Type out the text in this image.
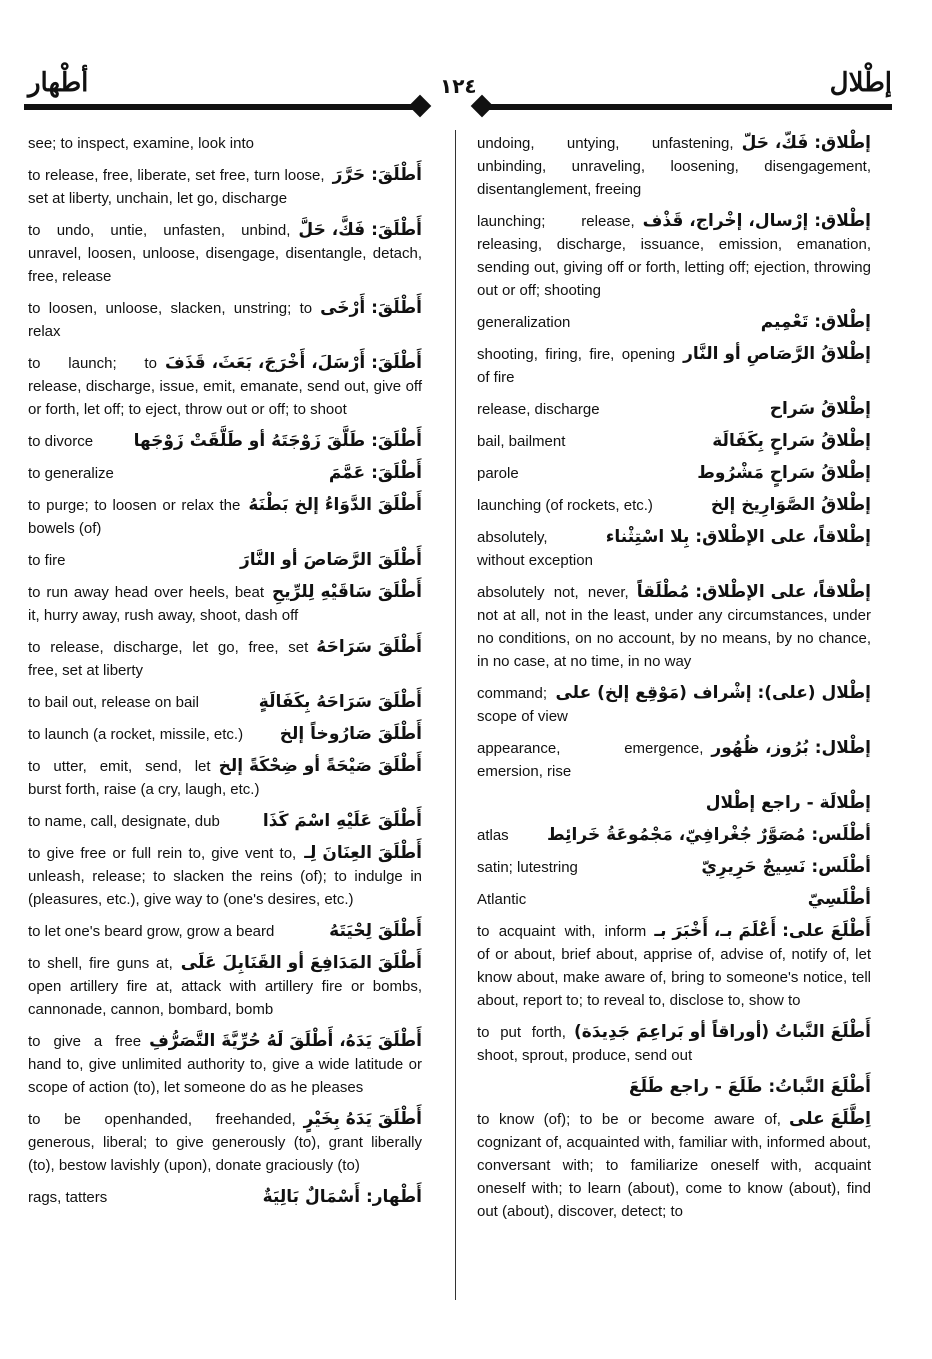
أطْهار	١٢٤	إطْلال
see; to inspect, examine, look into
أَطْلَقَ: حَرَّرَ
to release, free, liberate, set free, turn loose, set at liberty, unchain, let go, discharge
أَطْلَقَ: فَكَّ، حَلَّ
to undo, untie, unfasten, unbind, unravel, loosen, unloose, disengage, disentangle, detach, free, release
أَطْلَقَ: أَرْخَى
to loosen, unloose, slacken, unstring; to relax
أَطْلَقَ: أَرْسَلَ، أَخْرَجَ، بَعَثَ، قَذَفَ
to launch; to release, discharge, issue, emit, emanate, send out, give off or forth, let off; to eject, throw out or off; to shoot
أَطْلَقَ: طَلَّقَ زَوْجَتَهُ أو طَلَّقَتْ زَوْجَها
to divorce
أَطْلَقَ: عَمَّمَ
to generalize
أَطْلَقَ الدَّوَاءُ إلخ بَطْنَهُ
to purge; to loosen or relax the bowels (of)
أَطْلَقَ الرَّصَاصَ أو النَّارَ
to fire
أَطْلَقَ سَاقَيْهِ لِلرِّيحِ
to run away head over heels, beat it, hurry away, rush away, shoot, dash off
أَطْلَقَ سَرَاحَهُ
to release, discharge, let go, free, set free, set at liberty
أَطْلَقَ سَرَاحَهُ بِكَفَالَةٍ
to bail out, release on bail
أَطْلَقَ صَارُوخاً إلخ
to launch (a rocket, missile, etc.)
أَطْلَقَ صَيْحَةً أو ضِحْكَةً إلخ
to utter, emit, send, let burst forth, raise (a cry, laugh, etc.)
أَطْلَقَ عَلَيْهِ اسْمَ كَذَا
to name, call, designate, dub
أَطْلَقَ العِنَانَ لِـ
to give free or full rein to, give vent to, unleash, release; to slacken the reins (of); to indulge in (pleasures, etc.), give way to (one's desires, etc.)
أَطْلَقَ لِحْيَتَهُ
to let one's beard grow, grow a beard
أَطْلَقَ المَدَافِعَ أو القَنَابِلَ عَلَى
to shell, fire guns at, open artillery fire at, attack with artillery fire or bombs, cannonade, cannon, bombard, bomb
أَطْلَقَ يَدَهُ، أَطْلَقَ لَهُ حُرِّيَّةَ التَّصَرُّفِ
to give a free hand to, give unlimited authority to, give a wide latitude or scope of action (to), let someone do as he pleases
أَطْلَقَ يَدَهُ بِخَيْرٍ
to be openhanded, freehanded, generous, liberal; to give generously (to), grant liberally (to), bestow lavishly (upon), donate graciously (to)
أَطْهار: أَسْمَالٌ بَالِيَةٌ
rags, tatters
إطْلاق: فَكّ، حَلّ
undoing, untying, unfastening, unbinding, unraveling, loosening, disengagement, disentanglement, freeing
إطْلاق: إرْسال، إخْراج، قَذْف
launching; release, releasing, discharge, issuance, emission, emanation, sending out, giving off or forth, letting off; ejection, throwing out or off; shooting
إطْلاق: تَعْمِيم
generalization
إطْلاقُ الرَّصَاصِ أو النَّار
shooting, firing, fire, opening of fire
إطْلاقُ سَراح
release, discharge
إطْلاقُ سَراحٍ بِكَفَالَة
bail, bailment
إطْلاقُ سَراحٍ مَشْرُوط
parole
إطْلاقُ الصَّوَارِيخ إلخ
launching (of rockets, etc.)
إطْلاقاً، على الإطْلاق: بِلا اسْتِثْناء
absolutely, without exception
إطْلاقاً، على الإطْلاق: مُطْلَقاً
absolutely not, never, not at all, not in the least, under any circumstances, under no conditions, on no account, by no means, by no chance, in no case, at no time, in no way
إطْلال (على): إشْراف (مَوْقِع إلخ) على
command; scope of view
إطْلال: بُرُوز، ظُهُور
appearance, emergence, emersion, rise
إطْلالَة - راجع إطْلال
أطْلَس: مُصَوَّرٌ جُغْرافِيّ، مَجْمُوعَةُ خَرائِط
atlas
أطْلَس: نَسِيجٌ حَرِيرِيّ
satin; lutestring
أطْلَسِيّ
Atlantic
أَطْلَعَ على: أَعْلَمَ بـ، أَخْبَرَ بـ
to acquaint with, inform of or about, brief about, apprise of, advise of, notify of, let know about, make aware of, bring to someone's notice, tell about, report to; to reveal to, disclose to, show to
أَطْلَعَ النَّباتُ (أوراقاً أو بَراعِمَ جَدِيدَة)
to put forth, shoot, sprout, produce, send out
أَطْلَعَ النَّباتُ: طَلَعَ - راجع طَلَعَ
اِطَّلَعَ على
to know (of); to be or become aware of, cognizant of, acquainted with, familiar with, informed about, conversant with; to familiarize oneself with, acquaint oneself with; to learn (about), come to know (about), find out (about), discover, detect; to
